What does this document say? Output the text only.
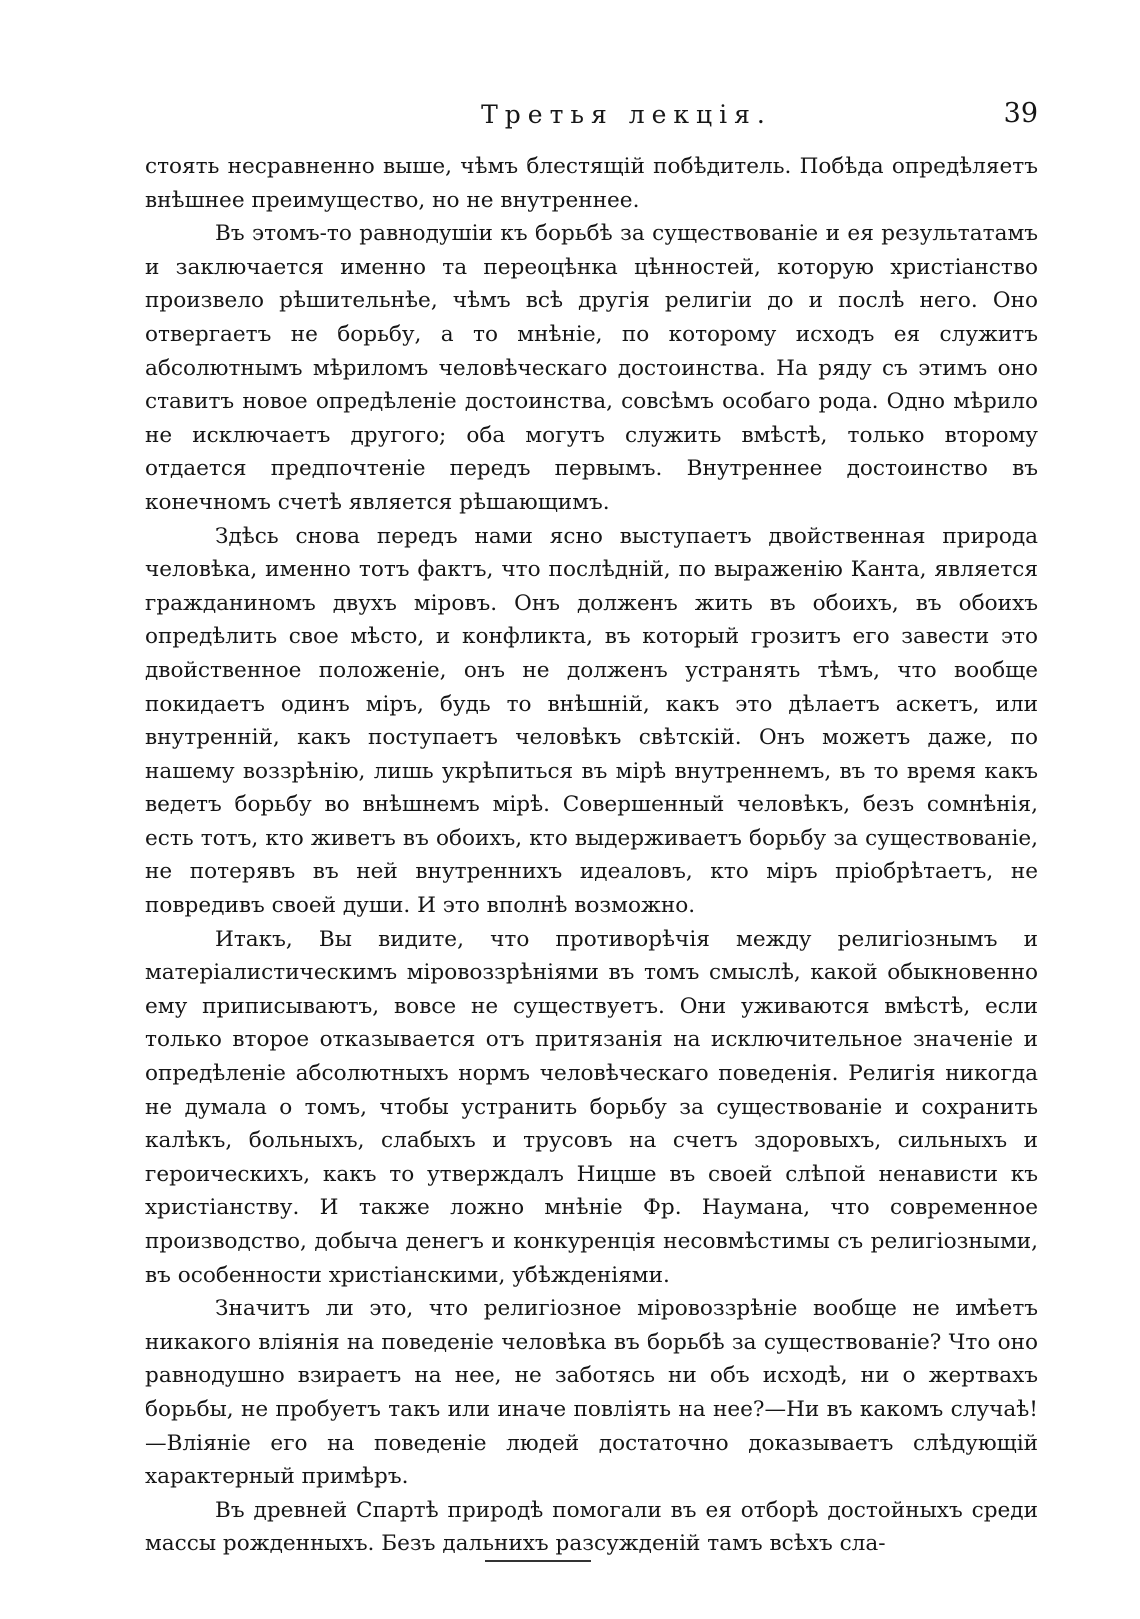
Третья лекція.	39

стоять несравненно выше, чѣмъ блестящій побѣдитель. Побѣда опредѣляетъ внѣшнее преимущество, но не внутреннее.

Въ этомъ-то равнодушіи къ борьбѣ за существованіе и ея результатамъ и заключается именно та переоцѣнка цѣнностей, которую христіанство произвело рѣшительнѣе, чѣмъ всѣ другія религіи до и послѣ него. Оно отвергаетъ не борьбу, а то мнѣніе, по которому исходъ ея служитъ абсолютнымъ мѣриломъ человѣческаго достоинства. На ряду съ этимъ оно ставитъ новое опредѣленіе достоинства, совсѣмъ особаго рода. Одно мѣрило не исключаетъ другого; оба могутъ служить вмѣстѣ, только второму отдается предпочтеніе передъ первымъ. Внутреннее достоинство въ конечномъ счетѣ является рѣшающимъ.

Здѣсь снова передъ нами ясно выступаетъ двойственная природа человѣка, именно тотъ фактъ, что послѣдній, по выраженію Канта, является гражданиномъ двухъ міровъ. Онъ долженъ жить въ обоихъ, въ обоихъ опредѣлить свое мѣсто, и конфликта, въ который грозитъ его завести это двойственное положеніе, онъ не долженъ устранять тѣмъ, что вообще покидаетъ одинъ міръ, будь то внѣшній, какъ это дѣлаетъ аскетъ, или внутренній, какъ поступаетъ человѣкъ свѣтскій. Онъ можетъ даже, по нашему воззрѣнію, лишь укрѣпиться въ мірѣ внутреннемъ, въ то время какъ ведетъ борьбу во внѣшнемъ мірѣ. Совершенный человѣкъ, безъ сомнѣнія, есть тотъ, кто живетъ въ обоихъ, кто выдерживаетъ борьбу за существованіе, не потерявъ въ ней внутреннихъ идеаловъ, кто міръ пріобрѣтаетъ, не повредивъ своей души. И это вполнѣ возможно.

Итакъ, Вы видите, что противорѣчія между религіознымъ и матеріалистическимъ міровоззрѣніями въ томъ смыслѣ, какой обыкновенно ему приписываютъ, вовсе не существуетъ. Они уживаются вмѣстѣ, если только второе отказывается отъ притязанія на исключительное значеніе и опредѣленіе абсолютныхъ нормъ человѣческаго поведенія. Религія никогда не думала о томъ, чтобы устранить борьбу за существованіе и сохранить калѣкъ, больныхъ, слабыхъ и трусовъ на счетъ здоровыхъ, сильныхъ и героическихъ, какъ то утверждалъ Ницше въ своей слѣпой ненависти къ христіанству. И также ложно мнѣніе Фр. Наумана, что современное производство, добыча денегъ и конкуренція несовмѣстимы съ религіозными, въ особенности христіанскими, убѣжденіями.

Значитъ ли это, что религіозное міровоззрѣніе вообще не имѣетъ никакого вліянія на поведеніе человѣка въ борьбѣ за существованіе? Что оно равнодушно взираетъ на нее, не заботясь ни объ исходѣ, ни о жертвахъ борьбы, не пробуетъ такъ или иначе повліять на нее?—Ни въ какомъ случаѣ!—Вліяніе его на поведеніе людей достаточно доказываетъ слѣдующій характерный примѣръ.

Въ древней Спартѣ природѣ помогали въ ея отборѣ достойныхъ среди массы рожденныхъ. Безъ дальнихъ разсужденій тамъ всѣхъ сла-
